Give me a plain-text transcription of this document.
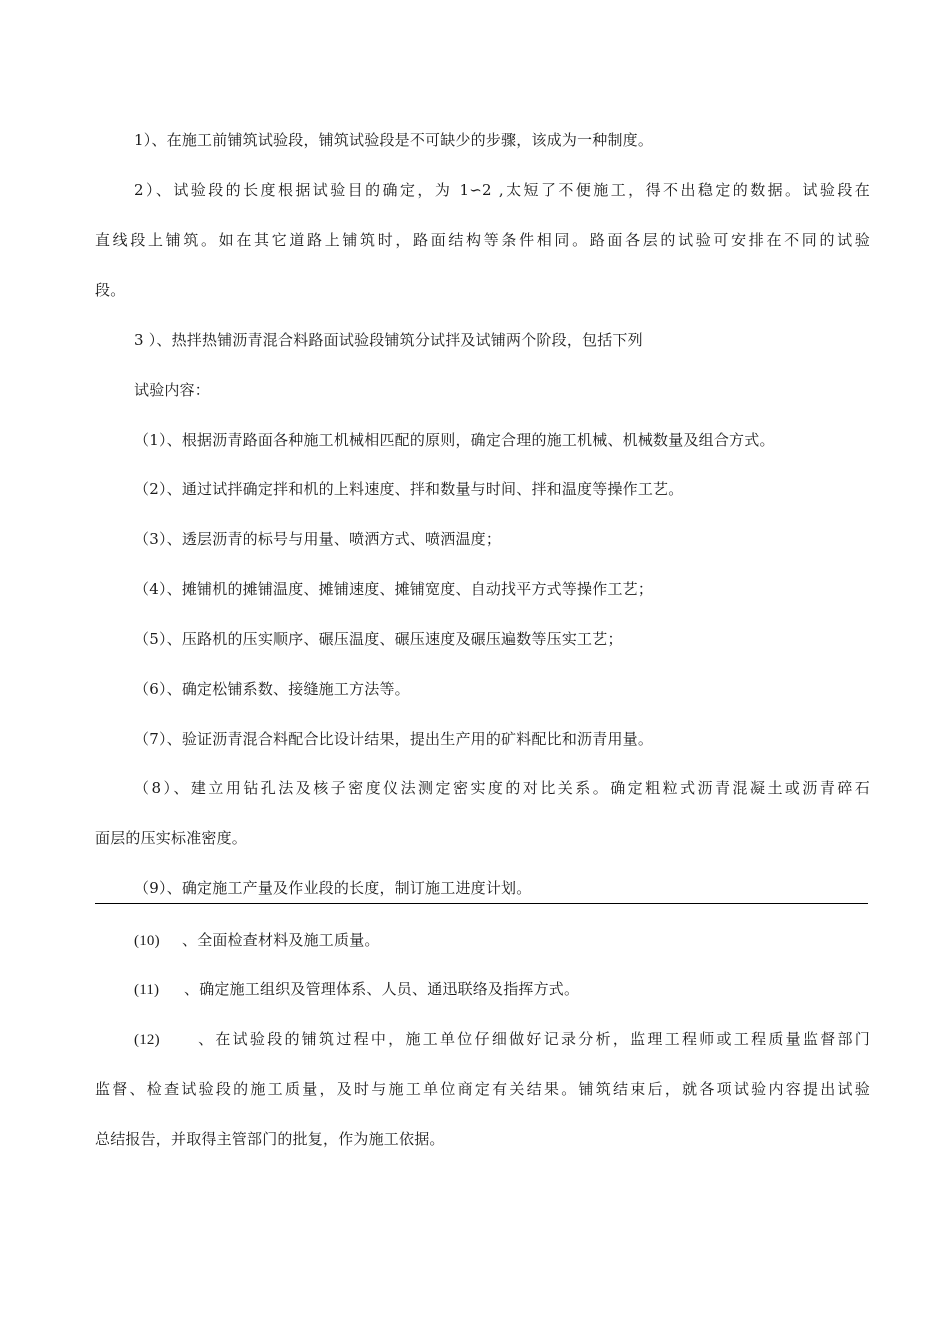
1）、在施工前铺筑试验段，铺筑试验段是不可缺少的步骤，该成为一种制度。
2）、试验段的长度根据试验目的确定，为 1∽2 ,太短了不便施工，得不出稳定的数据。试验段在
直线段上铺筑。如在其它道路上铺筑时，路面结构等条件相同。路面各层的试验可安排在不同的试验
段。
3 ）、热拌热铺沥青混合料路面试验段铺筑分试拌及试铺两个阶段，包括下列
试验内容：
（1）、根据沥青路面各种施工机械相匹配的原则，确定合理的施工机械、机械数量及组合方式。
（2）、通过试拌确定拌和机的上料速度、拌和数量与时间、拌和温度等操作工艺。
（3）、透层沥青的标号与用量、喷洒方式、喷洒温度；
（4）、摊铺机的摊铺温度、摊铺速度、摊铺宽度、自动找平方式等操作工艺；
（5）、压路机的压实顺序、碾压温度、碾压速度及碾压遍数等压实工艺；
（6）、确定松铺系数、接缝施工方法等。
（7）、验证沥青混合料配合比设计结果，提出生产用的矿料配比和沥青用量。
（8）、建立用钻孔法及核子密度仪法测定密实度的对比关系。确定粗粒式沥青混凝土或沥青碎石
面层的压实标准密度。
（9）、确定施工产量及作业段的长度，制订施工进度计划。
(10) 、全面检查材料及施工质量。
(11) 、确定施工组织及管理体系、人员、通迅联络及指挥方式。
(12) 、在试验段的铺筑过程中，施工单位仔细做好记录分析，监理工程师或工程质量监督部门
监督、检查试验段的施工质量，及时与施工单位商定有关结果。铺筑结束后，就各项试验内容提出试验
总结报告，并取得主管部门的批复，作为施工依据。
